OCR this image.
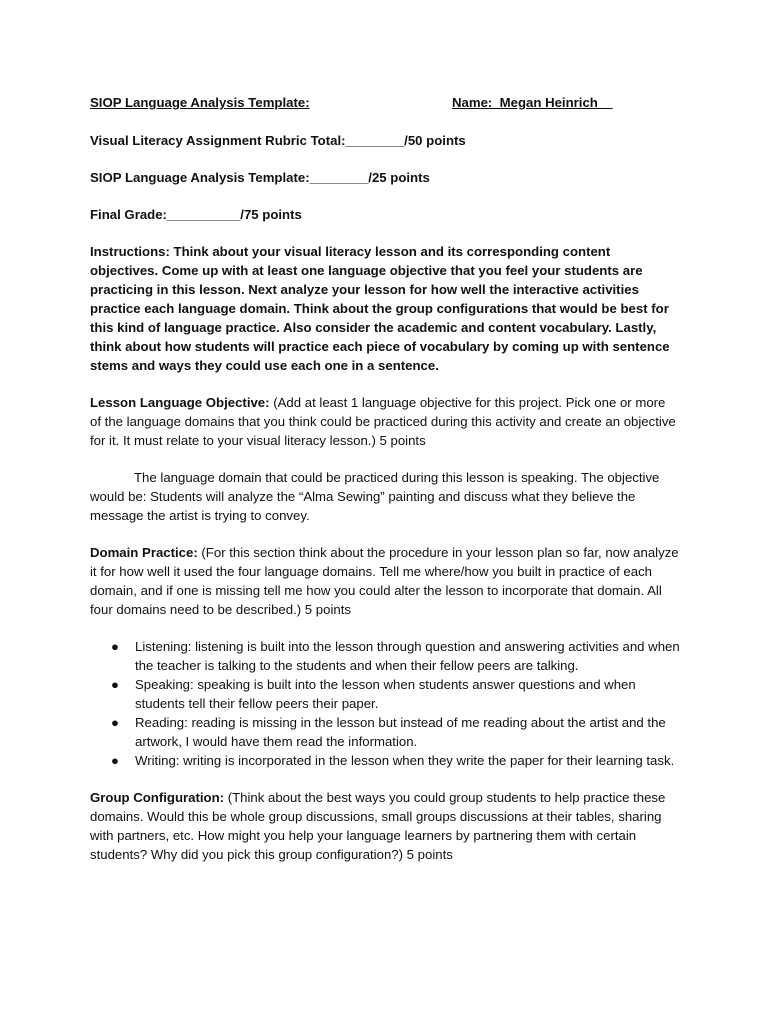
SIOP Language Analysis Template:	Name:_Megan Heinrich__

Visual Literacy Assignment Rubric Total:________/50 points

SIOP Language Analysis Template:________/25 points

Final Grade:__________/75 points

Instructions: Think about your visual literacy lesson and its corresponding content objectives. Come up with at least one language objective that you feel your students are practicing in this lesson. Next analyze your lesson for how well the interactive activities practice each language domain. Think about the group configurations that would be best for this kind of language practice. Also consider the academic and content vocabulary. Lastly, think about how students will practice each piece of vocabulary by coming up with sentence stems and ways they could use each one in a sentence.

Lesson Language Objective: (Add at least 1 language objective for this project. Pick one or more of the language domains that you think could be practiced during this activity and create an objective for it. It must relate to your visual literacy lesson.) 5 points

The language domain that could be practiced during this lesson is speaking. The objective would be: Students will analyze the “Alma Sewing” painting and discuss what they believe the message the artist is trying to convey.

Domain Practice: (For this section think about the procedure in your lesson plan so far, now analyze it for how well it used the four language domains. Tell me where/how you built in practice of each domain, and if one is missing tell me how you could alter the lesson to incorporate that domain. All four domains need to be described.) 5 points

● Listening: listening is built into the lesson through question and answering activities and when the teacher is talking to the students and when their fellow peers are talking.
● Speaking: speaking is built into the lesson when students answer questions and when students tell their fellow peers their paper.
● Reading: reading is missing in the lesson but instead of me reading about the artist and the artwork, I would have them read the information.
● Writing: writing is incorporated in the lesson when they write the paper for their learning task.

Group Configuration: (Think about the best ways you could group students to help practice these domains. Would this be whole group discussions, small groups discussions at their tables, sharing with partners, etc. How might you help your language learners by partnering them with certain students? Why did you pick this group configuration?) 5 points
